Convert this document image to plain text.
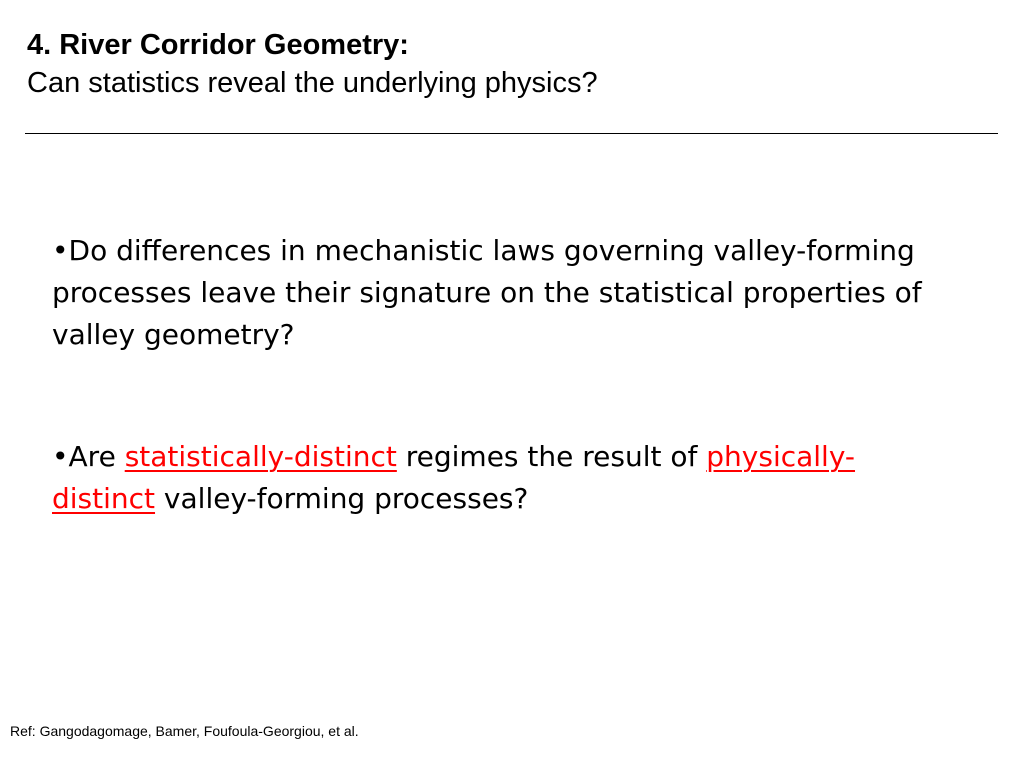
4. River Corridor Geometry:
Can statistics reveal the underlying physics?

•Do differences in mechanistic laws governing valley-forming processes leave their signature on the statistical properties of valley geometry?

•Are statistically-distinct regimes the result of physically-distinct valley-forming processes?

Ref: Gangodagomage, Bamer, Foufoula-Georgiou, et al.
